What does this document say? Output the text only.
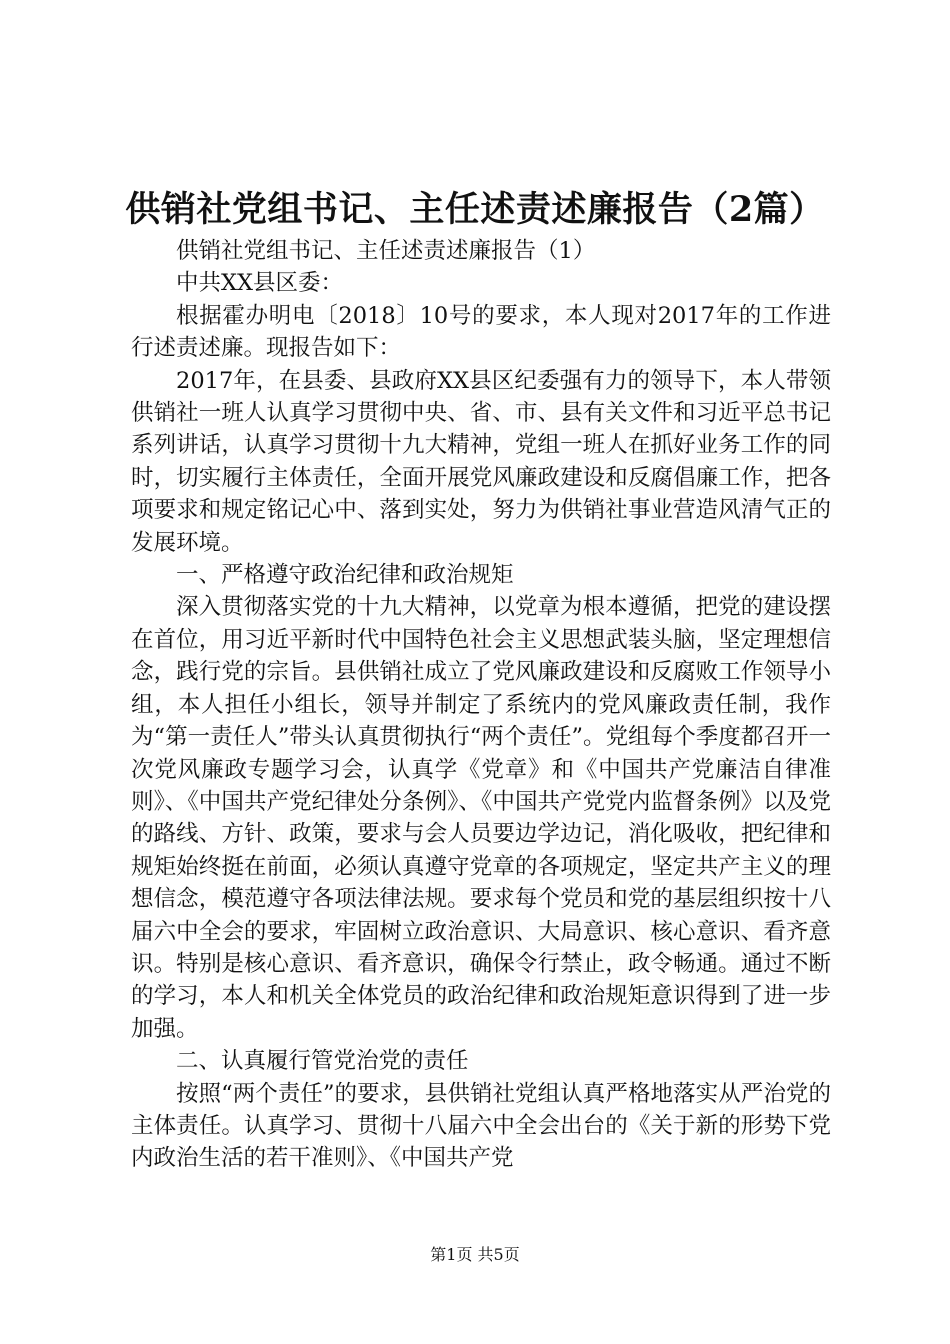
供销社党组书记、主任述责述廉报告（2篇）

供销社党组书记、主任述责述廉报告（1）

中共XX县区委：

根据霍办明电〔2018〕10号的要求，本人现对2017年的工作进行述责述廉。现报告如下：

2017年，在县委、县政府XX县区纪委强有力的领导下，本人带领供销社一班人认真学习贯彻中央、省、市、县有关文件和习近平总书记系列讲话，认真学习贯彻十九大精神，党组一班人在抓好业务工作的同时，切实履行主体责任，全面开展党风廉政建设和反腐倡廉工作，把各项要求和规定铭记心中、落到实处，努力为供销社事业营造风清气正的发展环境。

一、严格遵守政治纪律和政治规矩

深入贯彻落实党的十九大精神，以党章为根本遵循，把党的建设摆在首位，用习近平新时代中国特色社会主义思想武装头脑，坚定理想信念，践行党的宗旨。县供销社成立了党风廉政建设和反腐败工作领导小组，本人担任小组长，领导并制定了系统内的党风廉政责任制，我作为“第一责任人”带头认真贯彻执行“两个责任”。党组每个季度都召开一次党风廉政专题学习会，认真学《党章》和《中国共产党廉洁自律准则》、《中国共产党纪律处分条例》、《中国共产党党内监督条例》以及党的路线、方针、政策，要求与会人员要边学边记，消化吸收，把纪律和规矩始终挺在前面，必须认真遵守党章的各项规定，坚定共产主义的理想信念，模范遵守各项法律法规。要求每个党员和党的基层组织按十八届六中全会的要求，牢固树立政治意识、大局意识、核心意识、看齐意识。特别是核心意识、看齐意识，确保令行禁止，政令畅通。通过不断的学习，本人和机关全体党员的政治纪律和政治规矩意识得到了进一步加强。

二、认真履行管党治党的责任

按照“两个责任”的要求，县供销社党组认真严格地落实从严治党的主体责任。认真学习、贯彻十八届六中全会出台的《关于新的形势下党内政治生活的若干准则》、《中国共产党

第1页 共5页
